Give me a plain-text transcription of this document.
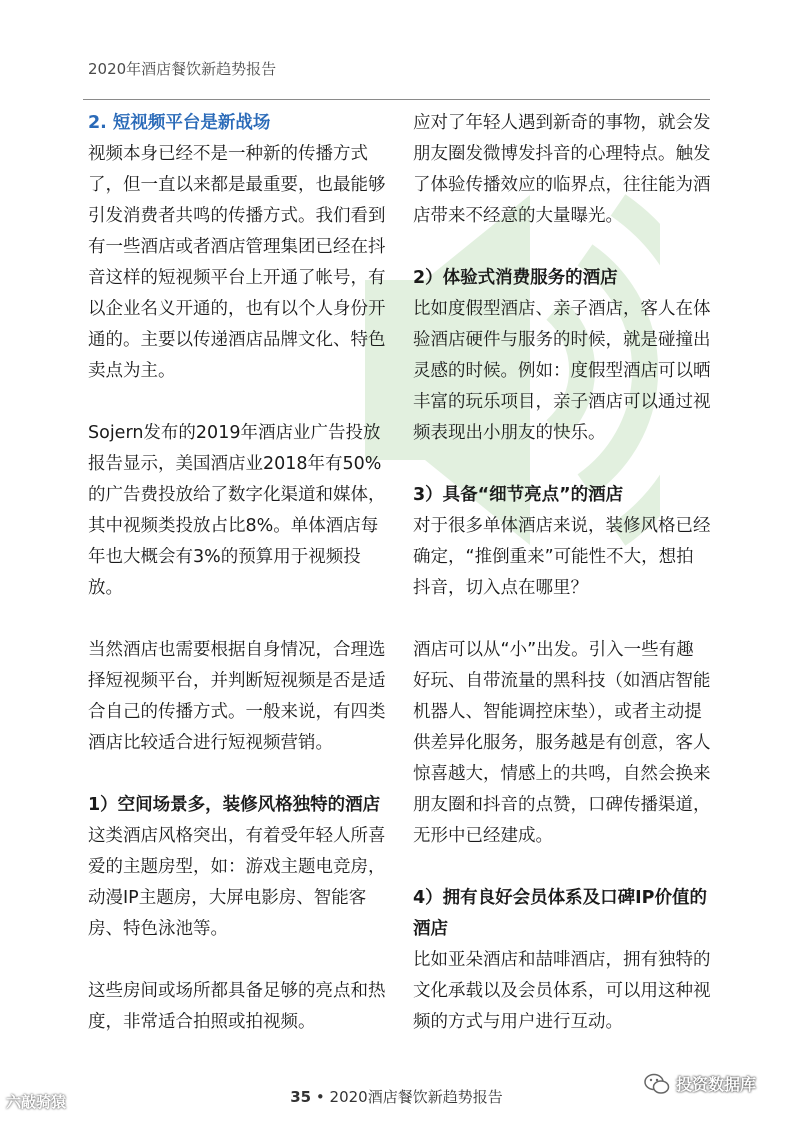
2020年酒店餐饮新趋势报告

2. 短视频平台是新战场

视频本身已经不是一种新的传播方式了，但一直以来都是最重要，也最能够引发消费者共鸣的传播方式。我们看到有一些酒店或者酒店管理集团已经在抖音这样的短视频平台上开通了帐号，有以企业名义开通的，也有以个人身份开通的。主要以传递酒店品牌文化、特色卖点为主。

Sojern发布的2019年酒店业广告投放报告显示，美国酒店业2018年有50%的广告费投放给了数字化渠道和媒体，其中视频类投放占比8%。单体酒店每年也大概会有3%的预算用于视频投放。

当然酒店也需要根据自身情况，合理选择短视频平台，并判断短视频是否是适合自己的传播方式。一般来说，有四类酒店比较适合进行短视频营销。

1）空间场景多，装修风格独特的酒店

这类酒店风格突出，有着受年轻人所喜爱的主题房型，如：游戏主题电竞房，动漫IP主题房，大屏电影房、智能客房、特色泳池等。

这些房间或场所都具备足够的亮点和热度，非常适合拍照或拍视频。

应对了年轻人遇到新奇的事物，就会发朋友圈发微博发抖音的心理特点。触发了体验传播效应的临界点，往往能为酒店带来不经意的大量曝光。

2）体验式消费服务的酒店

比如度假型酒店、亲子酒店，客人在体验酒店硬件与服务的时候，就是碰撞出灵感的时候。例如：度假型酒店可以晒丰富的玩乐项目，亲子酒店可以通过视频表现出小朋友的快乐。

3）具备“细节亮点”的酒店

对于很多单体酒店来说，装修风格已经确定，“推倒重来”可能性不大，想拍抖音，切入点在哪里？

酒店可以从“小”出发。引入一些有趣好玩、自带流量的黑科技（如酒店智能机器人、智能调控床垫），或者主动提供差异化服务，服务越是有创意，客人惊喜越大，情感上的共鸣，自然会换来朋友圈和抖音的点赞，口碑传播渠道，无形中已经建成。

4）拥有良好会员体系及口碑IP价值的酒店

比如亚朵酒店和喆啡酒店，拥有独特的文化承载以及会员体系，可以用这种视频的方式与用户进行互动。

35 • 2020酒店餐饮新趋势报告
六敲骑猿
投资数据库
